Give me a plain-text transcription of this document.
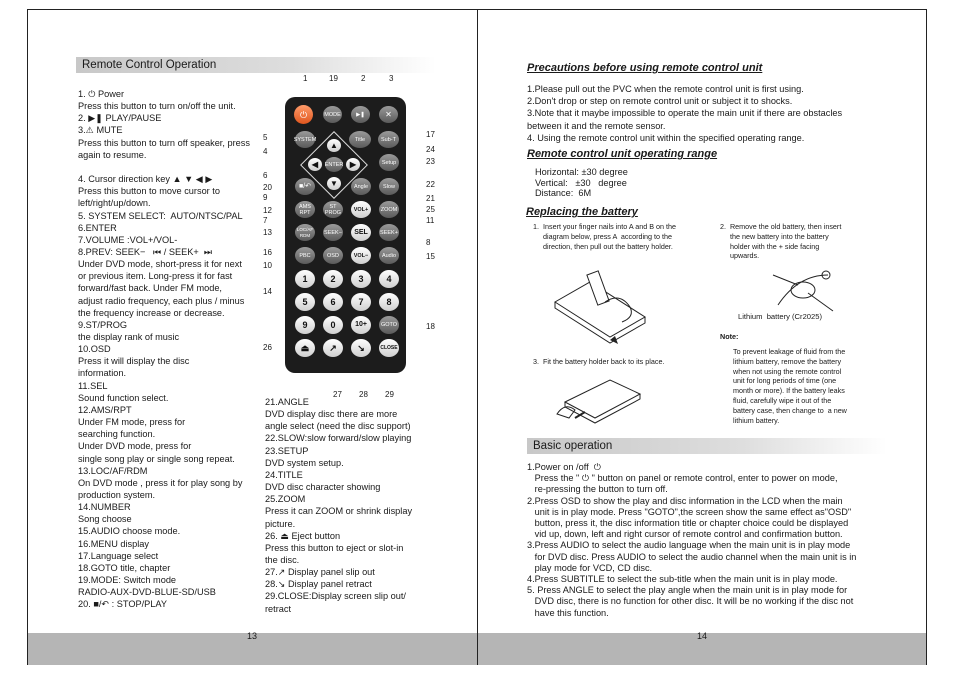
Remote Control Operation
1. ⏻ Power
Press this button to turn on/off the unit.
2. ▶❚ PLAY/PAUSE
3.⚠ MUTE
Press this button to turn off speaker, press
again to resume.
4. Cursor direction key ▲ ▼ ◀ ▶
Press this button to move cursor to
left/right/up/down.
5. SYSTEM SELECT:  AUTO/NTSC/PAL
6.ENTER
7.VOLUME :VOL+/VOL-
8.PREV: SEEK−   ⏮ / SEEK+  ⏭
Under DVD mode, short-press it for next
or previous item. Long-press it for fast
forward/fast back. Under FM mode,
adjust radio frequency, each plus / minus
the frequency increase or decrease.
9.ST/PROG
the display rank of music
10.OSD
Press it will display the disc
information.
11.SEL
Sound function select.
12.AMS/RPT
Under FM mode, press for
searching function.
Under DVD mode, press for
single song play or single song repeat.
13.LOC/AF/RDM
On DVD mode , press it for play song by
production system.
14.NUMBER
Song choose
15.AUDIO choose mode.
16.MENU display
17.Language select
18.GOTO title, chapter
19.MODE: Switch mode
RADIO-AUX-DVD-BLUE-SD/USB
20. ■/↶ : STOP/PLAY
21.ANGLE
DVD display disc there are more
angle select (need the disc support)
22.SLOW:slow forward/slow playing
23.SETUP
DVD system setup.
24.TITLE
DVD disc character showing
25.ZOOM
Press it can ZOOM or shrink display
picture.
26. ⏏ Eject button
Press this button to eject or slot-in
the disc.
27.↗ Display panel slip out
28.↘ Display panel retract
29.CLOSE:Display screen slip out/
retract
⏻	MODE	▶❚	✕
SYSTEM	Title	Sub-T
▲
▼
◀	▶
ENTER	Setup
■/↶	Angle	Slow
AMS RPT
ST PROG	VOL+	ZOOM
LOC/AF RDM	SEEK−	SEL	SEEK+
PBC	OSD	VOL−	Audio
1	2	3	4
5	6	7	8
9	0	10+	GOTO
⏏	↗	↘	CLOSE
1	19	2	3
5
4
6
20
9
12
7
13
16
10
14
26
17
24
23
22
21
25
11
8
15
18
27 28 29
13
Precautions before using remote control unit
1.Please pull out the PVC when the remote control unit is first using.
2.Don't drop or step on remote control unit or subject it to shocks.
3.Note that it maybe impossible to operate the main unit if there are obstacles
between it and the remote sensor.
4. Using the remote control unit within the specified operating range.
Remote control unit operating range
Horizontal: ±30 degree
Vertical:   ±30   degree
Distance:  6M
Replacing the battery
1.  Insert your finger nails into A and B on the
diagram below, press A  according to the
direction, then pull out the battery holder.
2.  Remove the old battery, then insert
the new battery into the battery
holder with the + side facing
upwards.
3.  Fit the battery holder back to its place.
Lithium  battery (Cr2025)
Note:
To prevent leakage of fluid from the
lithium battery, remove the battery
when not using the remote control
unit for long periods of time (one
month or more). If the battery leaks
fluid, carefully wipe it out of the
battery case, then change to  a new
lithium battery.
Basic operation
1.Power on /off  ⏻
Press the " ⏻ " button on panel or remote control, enter to power on mode,
re-pressing the button to turn off.
2.Press OSD to show the play and disc information in the LCD when the main
unit is in play mode. Press "GOTO",the screen show the same effect as"OSD"
button, press it, the disc information title or chapter choice could be displayed
vid up, down, left and right cursor of remote control and confirmation button.
3.Press AUDIO to select the audio language when the main unit is in play mode
for DVD disc. Press AUDIO to select the audio channel when the main unit is in
play mode for VCD, CD disc.
4.Press SUBTITLE to select the sub-title when the main unit is in play mode.
5. Press ANGLE to select the play angle when the main unit is in play mode for
DVD disc, there is no function for other disc. It will be no working if the disc not
have this function.
14
